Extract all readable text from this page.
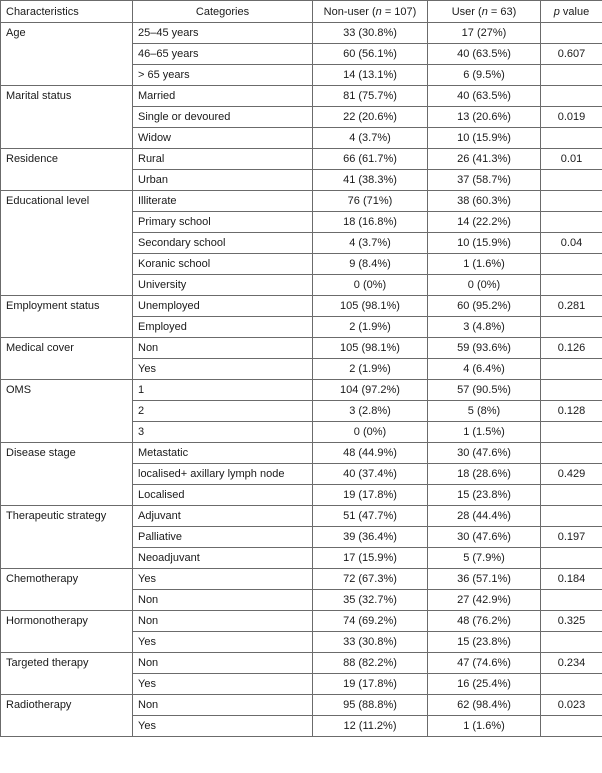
Characteristics	Categories	Non-user (n = 107)	User (n = 63)	p value
Age	25–45 years	33 (30.8%)	17 (27%)	
	46–65 years	60 (56.1%)	40 (63.5%)	0.607
	> 65 years	14 (13.1%)	6 (9.5%)	
Marital status	Married	81 (75.7%)	40 (63.5%)	
	Single or devoured	22 (20.6%)	13 (20.6%)	0.019
	Widow	4 (3.7%)	10 (15.9%)	
Residence	Rural	66 (61.7%)	26 (41.3%)	0.01
	Urban	41 (38.3%)	37 (58.7%)	
Educational level	Illiterate	76 (71%)	38 (60.3%)	
	Primary school	18 (16.8%)	14 (22.2%)	
	Secondary school	4 (3.7%)	10 (15.9%)	0.04
	Koranic school	9 (8.4%)	1 (1.6%)	
	University	0 (0%)	0 (0%)	
Employment status	Unemployed	105 (98.1%)	60 (95.2%)	0.281
	Employed	2 (1.9%)	3 (4.8%)	
Medical cover	Non	105 (98.1%)	59 (93.6%)	0.126
	Yes	2 (1.9%)	4 (6.4%)	
OMS	1	104 (97.2%)	57 (90.5%)	
	2	3 (2.8%)	5 (8%)	0.128
	3	0 (0%)	1 (1.5%)	
Disease stage	Metastatic	48 (44.9%)	30 (47.6%)	
	localised+ axillary lymph node	40 (37.4%)	18 (28.6%)	0.429
	Localised	19 (17.8%)	15 (23.8%)	
Therapeutic strategy	Adjuvant	51 (47.7%)	28 (44.4%)	
	Palliative	39 (36.4%)	30 (47.6%)	0.197
	Neoadjuvant	17 (15.9%)	5 (7.9%)	
Chemotherapy	Yes	72 (67.3%)	36 (57.1%)	0.184
	Non	35 (32.7%)	27 (42.9%)	
Hormonotherapy	Non	74 (69.2%)	48 (76.2%)	0.325
	Yes	33 (30.8%)	15 (23.8%)	
Targeted therapy	Non	88 (82.2%)	47 (74.6%)	0.234
	Yes	19 (17.8%)	16 (25.4%)	
Radiotherapy	Non	95 (88.8%)	62 (98.4%)	0.023
	Yes	12 (11.2%)	1 (1.6%)	
